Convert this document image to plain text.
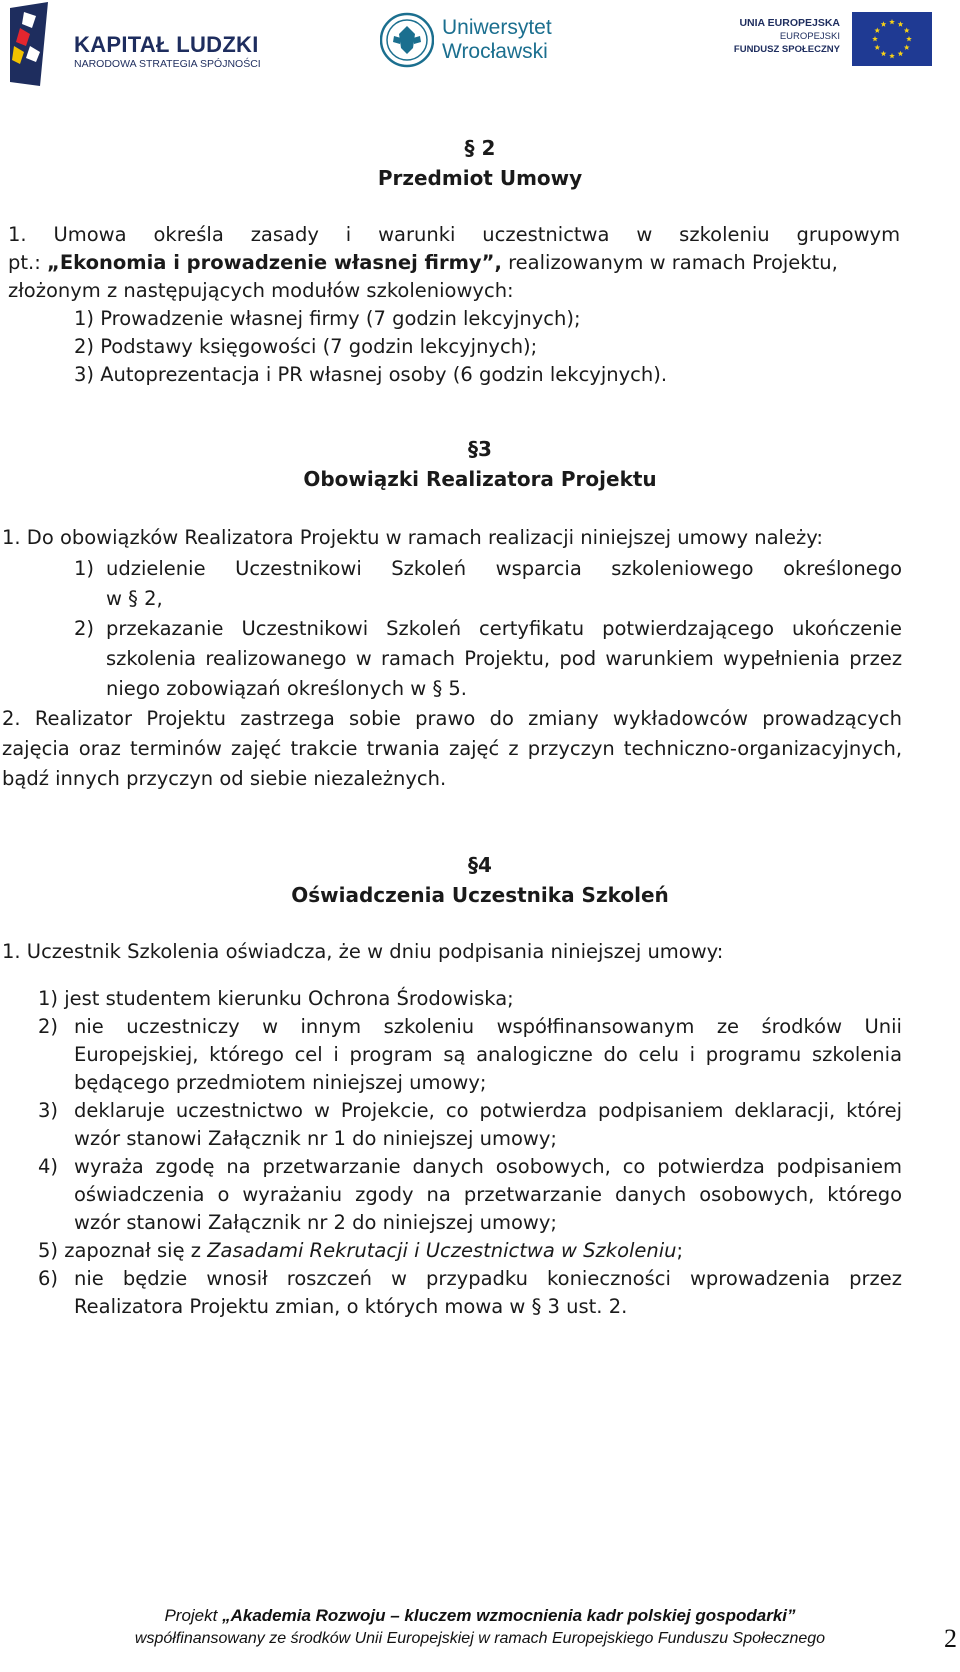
KAPITAŁ LUDZKI
NARODOWA STRATEGIA SPÓJNOŚCI
Uniwersytet
Wrocławski
UNIA EUROPEJSKA
EUROPEJSKI
FUNDUSZ SPOŁECZNY
§ 2
Przedmiot Umowy
1. Umowa określa zasady i warunki uczestnictwa w szkoleniu grupowym
pt.: „Ekonomia i prowadzenie własnej firmy”, realizowanym w ramach Projektu,
złożonym z następujących modułów szkoleniowych:
1) Prowadzenie własnej firmy (7 godzin lekcyjnych);
2) Podstawy księgowości (7 godzin lekcyjnych);
3) Autoprezentacja i PR własnej osoby (6 godzin lekcyjnych).
§3
Obowiązki Realizatora Projektu
1. Do obowiązków Realizatora Projektu w ramach realizacji niniejszej umowy należy:
1) udzielenie Uczestnikowi Szkoleń wsparcia szkoleniowego określonego
w § 2,
2) przekazanie Uczestnikowi Szkoleń certyfikatu potwierdzającego ukończenie
szkolenia realizowanego w ramach Projektu, pod warunkiem wypełnienia przez
niego zobowiązań określonych w § 5.
2. Realizator Projektu zastrzega sobie prawo do zmiany wykładowców prowadzących
zajęcia oraz terminów zajęć trakcie trwania zajęć z przyczyn techniczno-organizacyjnych,
bądź innych przyczyn od siebie niezależnych.
§4
Oświadczenia Uczestnika Szkoleń
1. Uczestnik Szkolenia oświadcza, że w dniu podpisania niniejszej umowy:
1) jest studentem kierunku Ochrona Środowiska;
2) nie uczestniczy w innym szkoleniu współfinansowanym ze środków Unii
Europejskiej, którego cel i program są analogiczne do celu i programu szkolenia
będącego przedmiotem niniejszej umowy;
3) deklaruje uczestnictwo w Projekcie, co potwierdza podpisaniem deklaracji, której
wzór stanowi Załącznik nr 1 do niniejszej umowy;
4) wyraża zgodę na przetwarzanie danych osobowych, co potwierdza podpisaniem
oświadczenia o wyrażaniu zgody na przetwarzanie danych osobowych, którego
wzór stanowi Załącznik nr 2 do niniejszej umowy;
5) zapoznał się z Zasadami Rekrutacji i Uczestnictwa w Szkoleniu;
6) nie będzie wnosił roszczeń w przypadku konieczności wprowadzenia przez
Realizatora Projektu zmian, o których mowa w § 3 ust. 2.
Projekt „Akademia Rozwoju – kluczem wzmocnienia kadr polskiej gospodarki”
współfinansowany ze środków Unii Europejskiej w ramach Europejskiego Funduszu Społecznego	2
